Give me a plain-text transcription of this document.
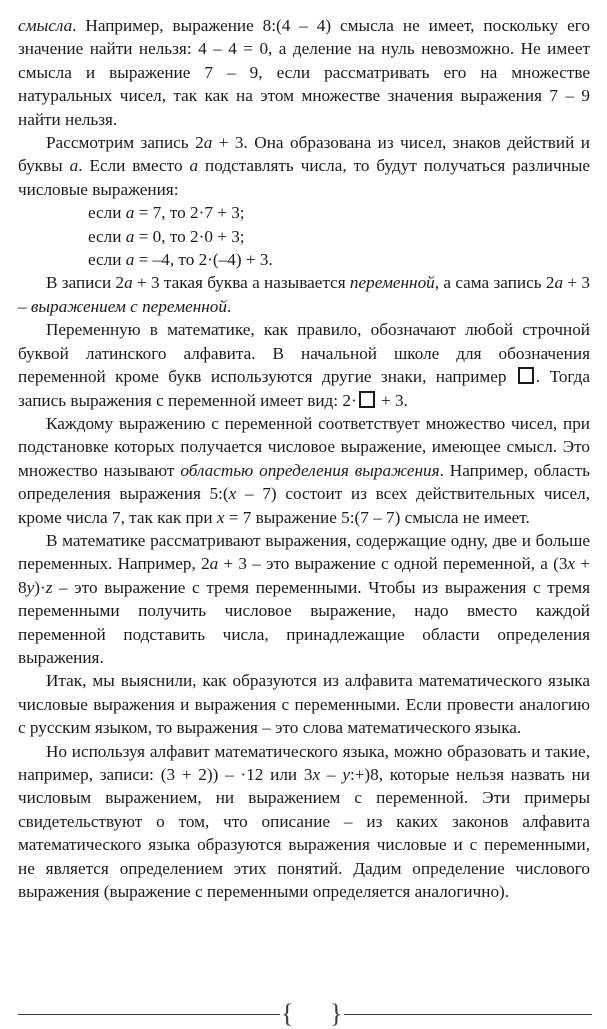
смысла. Например, выражение 8:(4 – 4) смысла не имеет, поскольку его значение найти нельзя: 4 – 4 = 0, а деление на нуль невозможно. Не имеет смысла и выражение 7 – 9, если рассматривать его на множестве натуральных чисел, так как на этом множестве значения выражения 7 – 9 найти нельзя.

Рассмотрим запись 2a + 3. Она образована из чисел, знаков действий и буквы a. Если вместо a подставлять числа, то будут получаться различные числовые выражения:

если a = 7, то 2·7 + 3;

если a = 0, то 2·0 + 3;

если a = –4, то 2·(–4) + 3.

В записи 2a + 3 такая буква а называется переменной, а сама запись 2a + 3 – выражением с переменной.

Переменную в математике, как правило, обозначают любой строчной буквой латинского алфавита. В начальной школе для обозначения переменной кроме букв используются другие знаки, например . Тогда запись выражения с переменной имеет вид: 2· + 3.

Каждому выражению с переменной соответствует множество чисел, при подстановке которых получается числовое выражение, имеющее смысл. Это множество называют областью определения выражения. Например, область определения выражения 5:(x – 7) состоит из всех действительных чисел, кроме числа 7, так как при x = 7 выражение 5:(7 – 7) смысла не имеет.

В математике рассматривают выражения, содержащие одну, две и больше переменных. Например, 2a + 3 – это выражение с одной переменной, а (3x + 8y)·z – это выражение с тремя переменными. Чтобы из выражения с тремя переменными получить числовое выражение, надо вместо каждой переменной подставить числа, принадлежащие области определения выражения.

Итак, мы выяснили, как образуются из алфавита математического языка числовые выражения и выражения с переменными. Если провести аналогию с русским языком, то выражения – это слова математического языка.

Но используя алфавит математического языка, можно образовать и такие, например, записи: (3 + 2)) – ·12 или 3x – y:+)8, которые нельзя назвать ни числовым выражением, ни выражением с переменной. Эти примеры свидетельствуют о том, что описание – из каких законов алфавита математического языка образуются выражения числовые и с переменными, не является определением этих понятий. Дадим определение числового выражения (выражение с переменными определяется аналогично).

{ }
